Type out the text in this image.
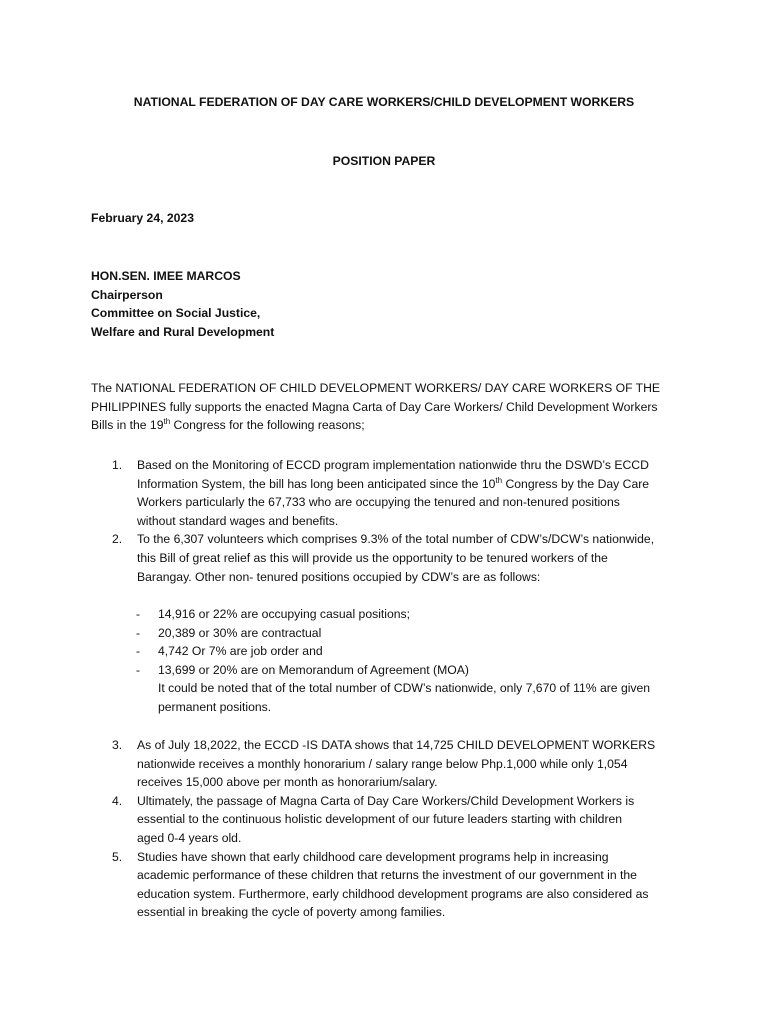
NATIONAL FEDERATION OF DAY CARE WORKERS/CHILD DEVELOPMENT WORKERS
POSITION PAPER
February 24, 2023
HON.SEN. IMEE MARCOS
Chairperson
Committee on Social Justice,
Welfare and Rural Development
The NATIONAL FEDERATION OF CHILD DEVELOPMENT WORKERS/ DAY CARE WORKERS OF THE
PHILIPPINES fully supports the enacted Magna Carta of Day Care Workers/ Child Development Workers
Bills in the 19th Congress for the following reasons;
1. Based on the Monitoring of ECCD program implementation nationwide thru the DSWD’s ECCD
Information System, the bill has long been anticipated since the 10th Congress by the Day Care
Workers particularly the 67,733 who are occupying the tenured and non-tenured positions
without standard wages and benefits.
2. To the 6,307 volunteers which comprises 9.3% of the total number of CDW’s/DCW’s nationwide,
this Bill of great relief as this will provide us the opportunity to be tenured workers of the
Barangay. Other non- tenured positions occupied by CDW’s are as follows:
- 14,916 or 22% are occupying casual positions;
- 20,389 or 30% are contractual
- 4,742 Or 7% are job order and
- 13,699 or 20% are on Memorandum of Agreement (MOA)
It could be noted that of the total number of CDW’s nationwide, only 7,670 of 11% are given
permanent positions.
3. As of July 18,2022, the ECCD -IS DATA shows that 14,725 CHILD DEVELOPMENT WORKERS
nationwide receives a monthly honorarium / salary range below Php.1,000 while only 1,054
receives 15,000 above per month as honorarium/salary.
4. Ultimately, the passage of Magna Carta of Day Care Workers/Child Development Workers is
essential to the continuous holistic development of our future leaders starting with children
aged 0-4 years old.
5. Studies have shown that early childhood care development programs help in increasing
academic performance of these children that returns the investment of our government in the
education system. Furthermore, early childhood development programs are also considered as
essential in breaking the cycle of poverty among families.
